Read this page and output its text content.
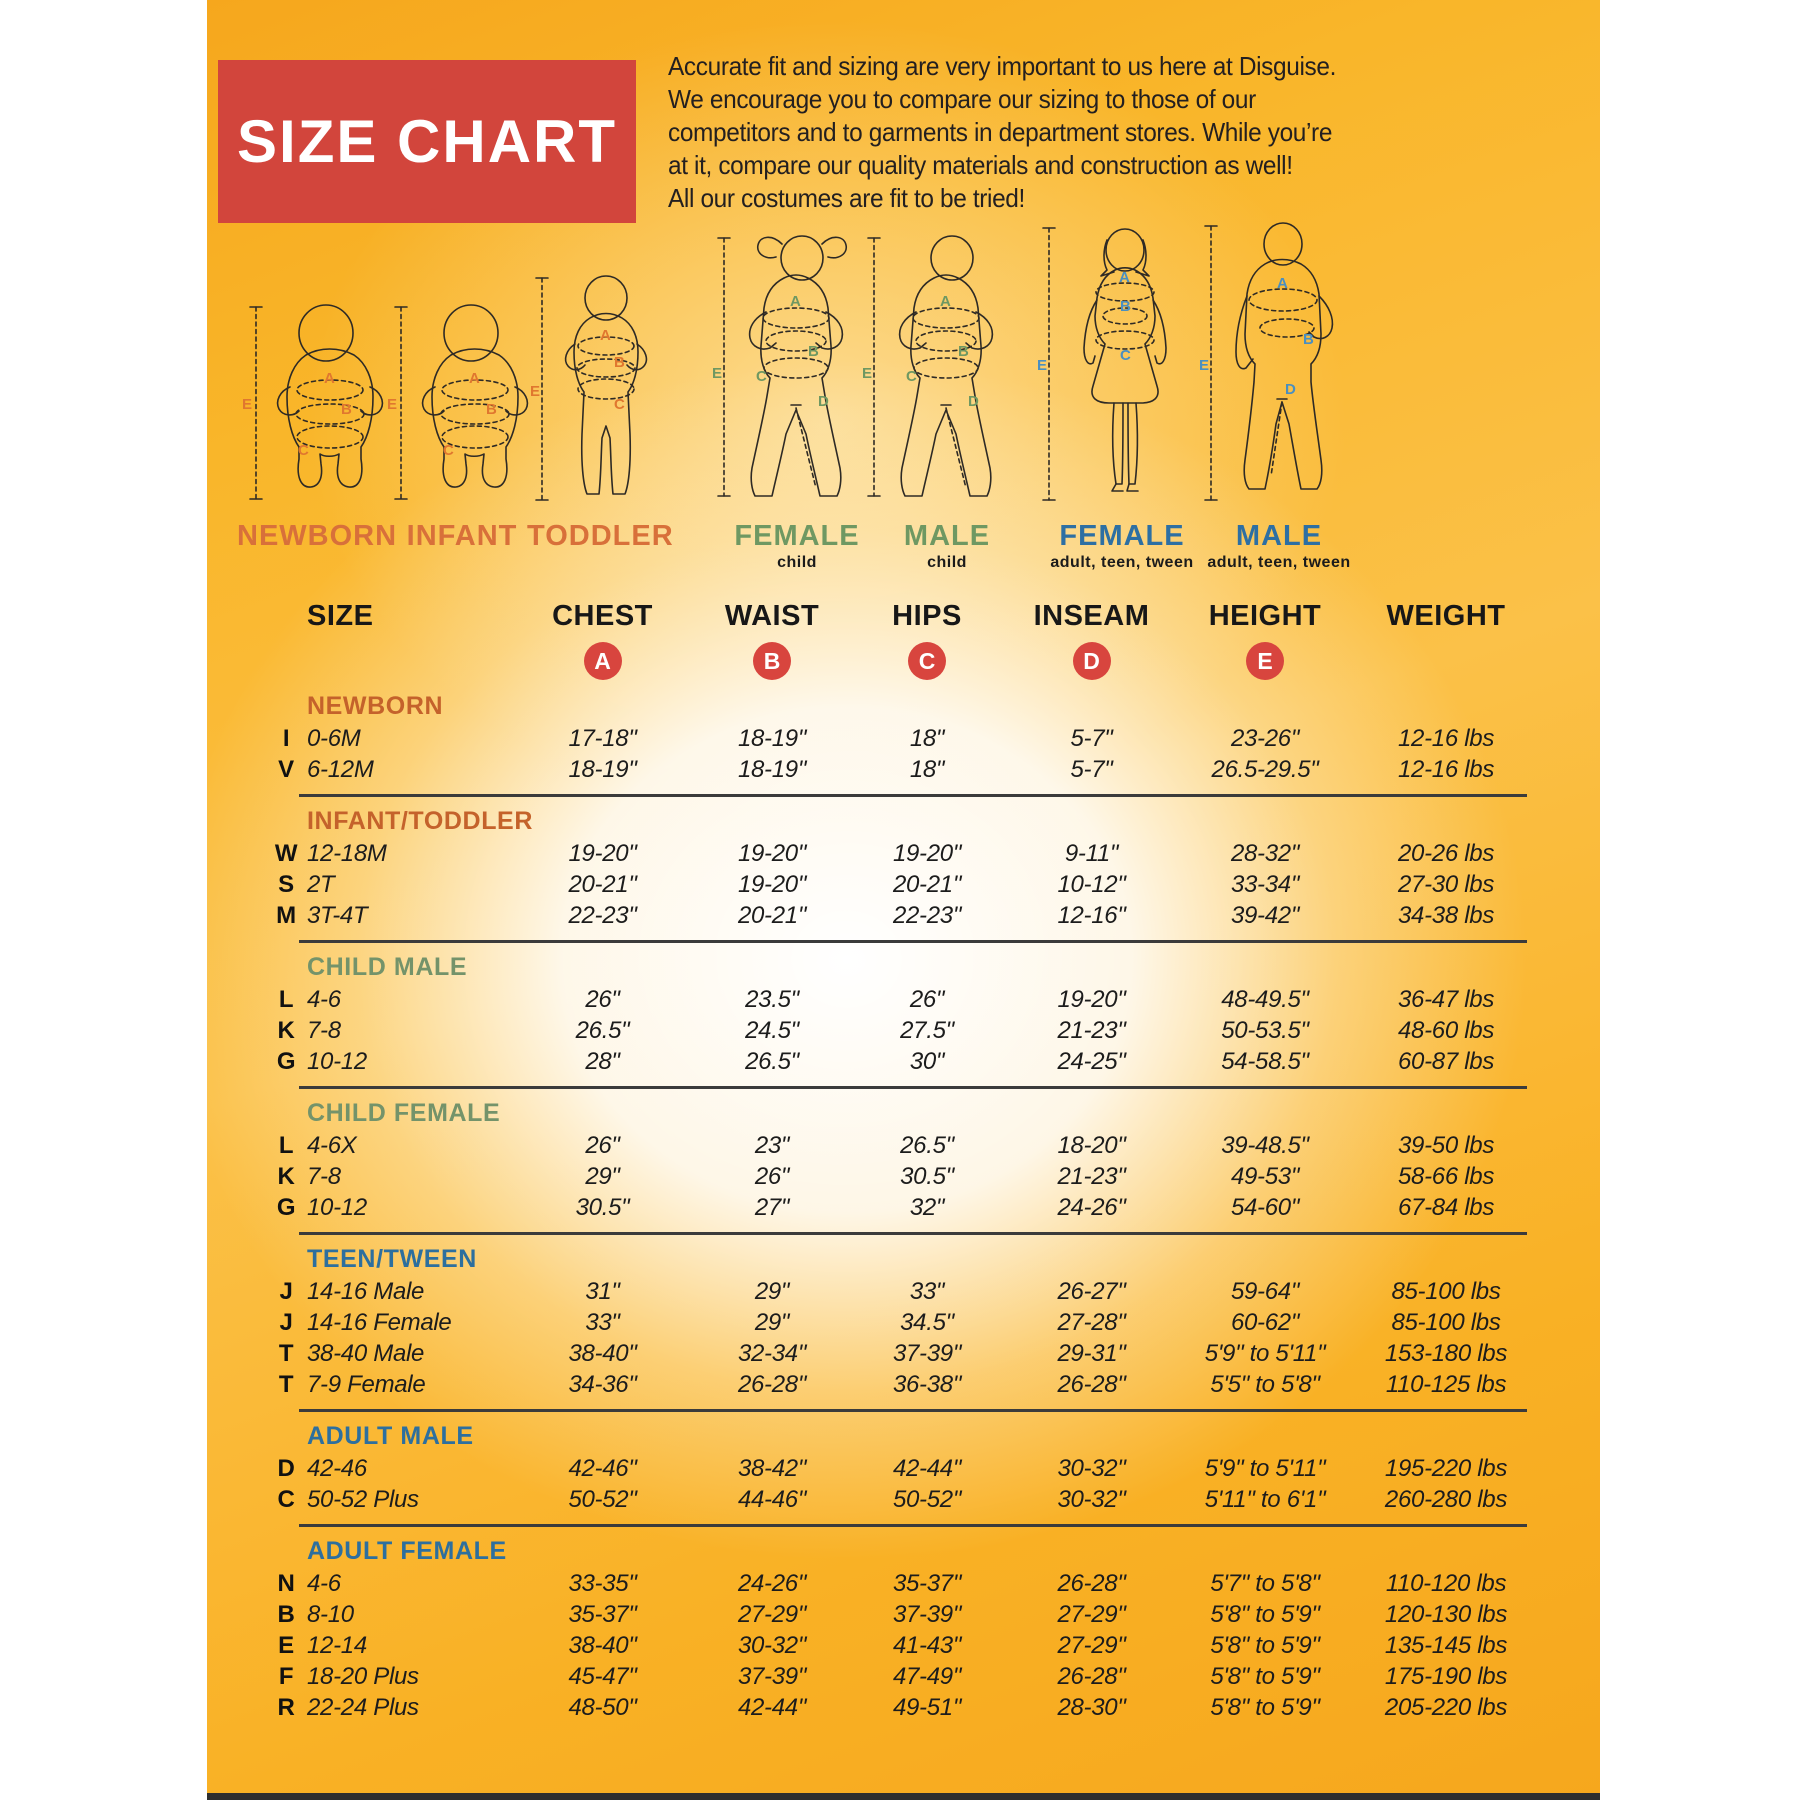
SIZE CHART
Accurate fit and sizing are very important to us here at Disguise.
We encourage you to compare our sizing to those of our
competitors and to garments in department stores. While you’re
at it, compare our quality materials and construction as well!
All our costumes are fit to be tried!
A
B
C
E
NEWBORN
A
B
C
E
INFANT
A
B
C
E
TODDLER
A
B
C
D
E
FEMALE
child
A
B
C
D
E
MALE
child
A
B
C
E
FEMALE
adult, teen, tween
A
B
D
E
MALE
adult, teen, tween
SIZE	CHEST	WAIST	HIPS	INSEAM	HEIGHT	WEIGHT
A	B	C	D	E
NEWBORN
I 0-6M	17-18"	18-19"	18"	5-7"	23-26"	12-16 lbs
V 6-12M	18-19"	18-19"	18"	5-7"	26.5-29.5"	12-16 lbs
INFANT/TODDLER
W 12-18M	19-20"	19-20"	19-20"	9-11"	28-32"	20-26 lbs
S 2T	20-21"	19-20"	20-21"	10-12"	33-34"	27-30 lbs
M 3T-4T	22-23"	20-21"	22-23"	12-16"	39-42"	34-38 lbs
CHILD MALE
L 4-6	26"	23.5"	26"	19-20"	48-49.5"	36-47 lbs
K 7-8	26.5"	24.5"	27.5"	21-23"	50-53.5"	48-60 lbs
G 10-12	28"	26.5"	30"	24-25"	54-58.5"	60-87 lbs
CHILD FEMALE
L 4-6X	26"	23"	26.5"	18-20"	39-48.5"	39-50 lbs
K 7-8	29"	26"	30.5"	21-23"	49-53"	58-66 lbs
G 10-12	30.5"	27"	32"	24-26"	54-60"	67-84 lbs
TEEN/TWEEN
J 14-16 Male	31"	29"	33"	26-27"	59-64"	85-100 lbs
J 14-16 Female	33"	29"	34.5"	27-28"	60-62"	85-100 lbs
T 38-40 Male	38-40"	32-34"	37-39"	29-31"	5'9" to 5'11"	153-180 lbs
T 7-9 Female	34-36"	26-28"	36-38"	26-28"	5'5" to 5'8"	110-125 lbs
ADULT MALE
D 42-46	42-46"	38-42"	42-44"	30-32"	5'9" to 5'11"	195-220 lbs
C 50-52 Plus	50-52"	44-46"	50-52"	30-32"	5'11" to 6'1"	260-280 lbs
ADULT FEMALE
N 4-6	33-35"	24-26"	35-37"	26-28"	5'7" to 5'8"	110-120 lbs
B 8-10	35-37"	27-29"	37-39"	27-29"	5'8" to 5'9"	120-130 lbs
E 12-14	38-40"	30-32"	41-43"	27-29"	5'8" to 5'9"	135-145 lbs
F 18-20 Plus	45-47"	37-39"	47-49"	26-28"	5'8" to 5'9"	175-190 lbs
R 22-24 Plus	48-50"	42-44"	49-51"	28-30"	5'8" to 5'9"	205-220 lbs
